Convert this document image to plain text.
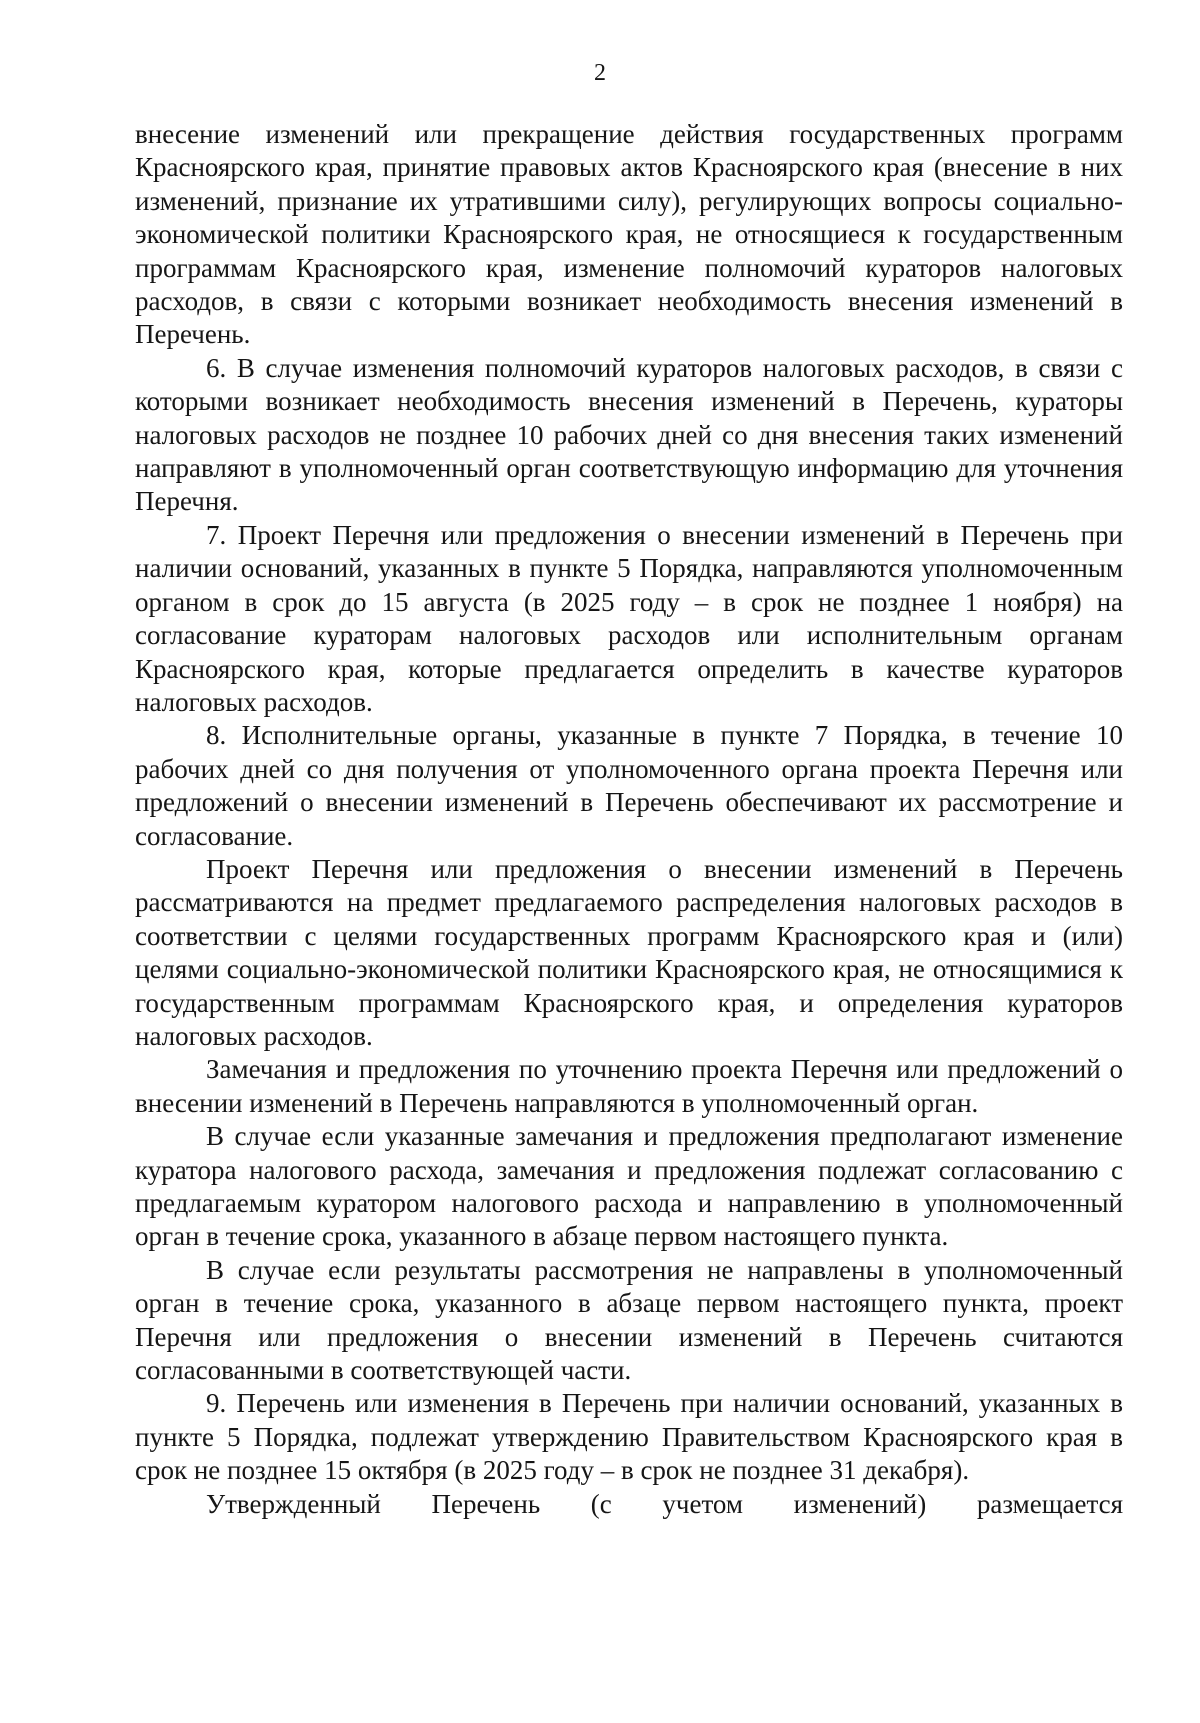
2

внесение изменений или прекращение действия государственных программ Красноярского края, принятие правовых актов Красноярского края (внесение в них изменений, признание их утратившими силу), регулирующих вопросы социально-экономической политики Красноярского края, не относящиеся к государственным программам Красноярского края, изменение полномочий кураторов налоговых расходов, в связи с которыми возникает необходимость внесения изменений в Перечень.

6. В случае изменения полномочий кураторов налоговых расходов, в связи с которыми возникает необходимость внесения изменений в Перечень, кураторы налоговых расходов не позднее 10 рабочих дней со дня внесения таких изменений направляют в уполномоченный орган соответствующую информацию для уточнения Перечня.

7. Проект Перечня или предложения о внесении изменений в Перечень при наличии оснований, указанных в пункте 5 Порядка, направляются уполномоченным органом в срок до 15 августа (в 2025 году – в срок не позднее 1 ноября) на согласование кураторам налоговых расходов или исполнительным органам Красноярского края, которые предлагается определить в качестве кураторов налоговых расходов.

8. Исполнительные органы, указанные в пункте 7 Порядка, в течение 10 рабочих дней со дня получения от уполномоченного органа проекта Перечня или предложений о внесении изменений в Перечень обеспечивают их рассмотрение и согласование.

Проект Перечня или предложения о внесении изменений в Перечень рассматриваются на предмет предлагаемого распределения налоговых расходов в соответствии с целями государственных программ Красноярского края и (или) целями социально-экономической политики Красноярского края, не относящимися к государственным программам Красноярского края, и определения кураторов налоговых расходов.

Замечания и предложения по уточнению проекта Перечня или предложений о внесении изменений в Перечень направляются в уполномоченный орган.

В случае если указанные замечания и предложения предполагают изменение куратора налогового расхода, замечания и предложения подлежат согласованию с предлагаемым куратором налогового расхода и направлению в уполномоченный орган в течение срока, указанного в абзаце первом настоящего пункта.

В случае если результаты рассмотрения не направлены в уполномоченный орган в течение срока, указанного в абзаце первом настоящего пункта, проект Перечня или предложения о внесении изменений в Перечень считаются согласованными в соответствующей части.

9. Перечень или изменения в Перечень при наличии оснований, указанных в пункте 5 Порядка, подлежат утверждению Правительством Красноярского края в срок не позднее 15 октября (в 2025 году – в срок не позднее 31 декабря).

Утвержденный Перечень (с учетом изменений) размещается
